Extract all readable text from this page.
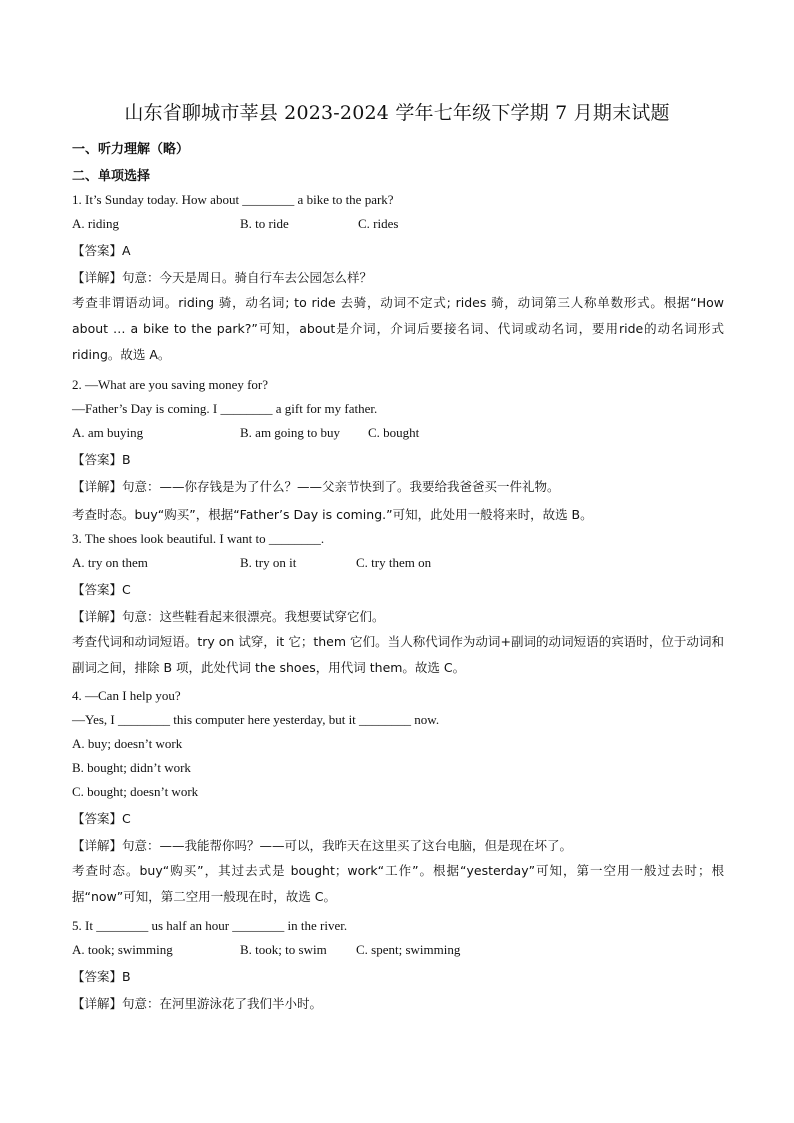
山东省聊城市莘县 2023-2024 学年七年级下学期 7 月期末试题
一、听力理解（略）
二、单项选择
1. It’s Sunday today. How about ________ a bike to the park?
A. riding	B. to ride	C. rides
【答案】A
【详解】句意：今天是周日。骑自行车去公园怎么样？
考查非谓语动词。riding 骑，动名词; to ride 去骑，动词不定式; rides 骑，动词第三人称单数形式。根据“How about … a bike to the park?”可知，about是介词，介词后要接名词、代词或动名词，要用ride的动名词形式riding。故选 A。
2. —What are you saving money for?
—Father’s Day is coming. I ________ a gift for my father.
A. am buying	B. am going to buy C. bought
【答案】B
【详解】句意：——你存钱是为了什么？——父亲节快到了。我要给我爸爸买一件礼物。
考查时态。buy“购买”，根据“Father’s Day is coming.”可知，此处用一般将来时，故选 B。
3. The shoes look beautiful. I want to ________.
A. try on them	B. try on it	C. try them on
【答案】C
【详解】句意：这些鞋看起来很漂亮。我想要试穿它们。
考查代词和动词短语。try on 试穿，it 它；them 它们。当人称代词作为动词+副词的动词短语的宾语时，位于动词和副词之间，排除 B 项，此处代词 the shoes，用代词 them。故选 C。
4. —Can I help you?
—Yes, I ________ this computer here yesterday, but it ________ now.
A. buy; doesn’t work
B. bought; didn’t work
C. bought; doesn’t work
【答案】C
【详解】句意：——我能帮你吗？——可以，我昨天在这里买了这台电脑，但是现在坏了。
考查时态。buy“购买”，其过去式是 bought；work“工作”。根据“yesterday”可知，第一空用一般过去时；根据“now”可知，第二空用一般现在时，故选 C。
5. It ________ us half an hour ________ in the river.
A. took; swimming	B. took; to swim C. spent; swimming
【答案】B
【详解】句意：在河里游泳花了我们半小时。
